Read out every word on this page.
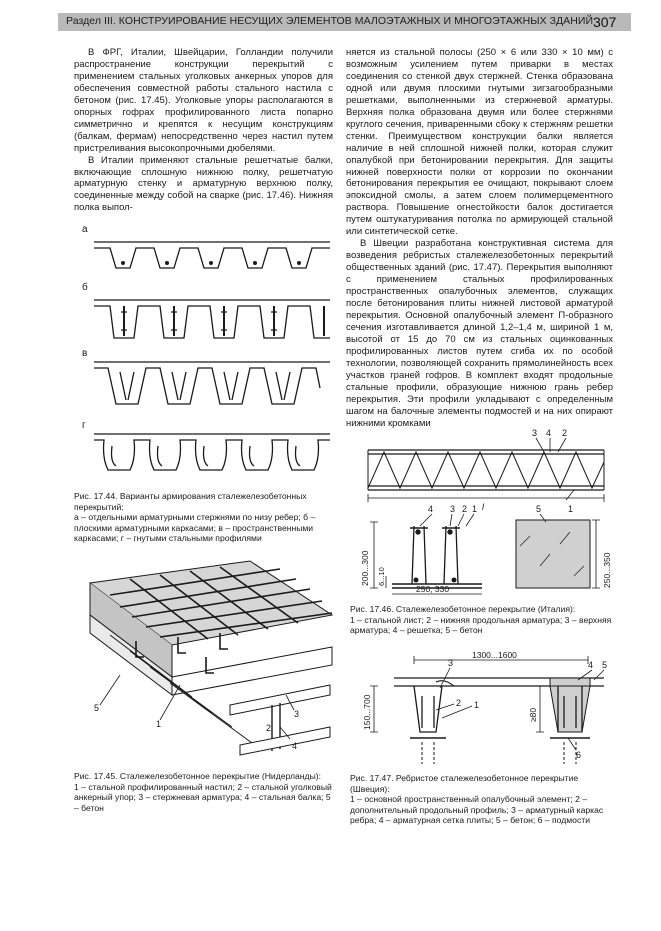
Раздел III. КОНСТРУИРОВАНИЕ НЕСУЩИХ ЭЛЕМЕНТОВ МАЛОЭТАЖНЫХ И МНОГОЭТАЖНЫХ ЗДАНИЙ 307

В ФРГ, Италии, Швейцарии, Голландии получили распространение конструкции перекрытий с применением стальных уголковых анкерных упоров для обеспечения совместной работы стального настила с бетоном (рис. 17.45). Уголковые упоры располагаются в опорных гофрах профилированного листа попарно симметрично и крепятся к несущим конструкциям (балкам, фермам) непосредственно через настил путем пристреливания высокопрочными дюбелями.

В Италии применяют стальные решетчатые балки, включающие сплошную нижнюю полку, решетчатую арматурную стенку и арматурную верхнюю полку, соединенные между собой на сварке (рис. 17.46). Нижняя полка выпол-

няется из стальной полосы (250 × 6 или 330 × 10 мм) с возможным усилением путем приварки в местах соединения со стенкой двух стержней. Стенка образована одной или двумя плоскими гнутыми зигзагообразными решетками, выполненными из стержневой арматуры. Верхняя полка образована двумя или более стержнями круглого сечения, приваренными сбоку к стержням решетки стенки. Преимуществом конструкции балки является наличие в ней сплошной нижней полки, которая служит опалубкой при бетонировании перекрытия. Для защиты нижней поверхности полки от коррозии по окончании бетонирования перекрытия ее очищают, покрывают слоем эпоксидной смолы, а затем слоем полимерцементного раствора. Повышение огнестойкости балок достигается путем оштукатуривания потолка по армирующей стальной или синтетической сетке.

В Швеции разработана конструктивная система для возведения ребристых сталежелезобетонных перекрытий общественных зданий (рис. 17.47). Перекрытия выполняют с применением стальных профилированных пространственных опалубочных элементов, служащих после бетонирования плиты нижней листовой арматурой перекрытия. Основной опалубочный элемент П-образного сечения изготавливается длиной 1,2–1,4 м, шириной 1 м, высотой от 15 до 70 см из стальных оцинкованных профилированных листов путем сгиба их по особой технологии, позволяющей сохранить прямолинейность всех участков граней гофров. В комплект входят продольные стальные профили, образующие нижнюю грань ребер перекрытия. Эти профили укладывают с определенным шагом на балочные элементы подмостей и на них опирают нижними кромками

а
б
в
г
Рис. 17.44. Варианты армирования сталежелезобетонных перекрытий:
а – отдельными арматурными стержнями по низу ребер; б – плоскими арматурными каркасами; в – пространственными каркасами; г – гнутыми стальными профилями
5
1
3
2
4
Рис. 17.45. Сталежелезобетонное перекрытие (Нидерланды):
1 – стальной профилированный настил; 2 – стальной уголковый анкерный упор; 3 – стержневая арматура; 4 – стальная балка; 5 – бетон
3 4 2
l	1
4 3 2 1	5
200...300 6...10
250; 330
250...350
Рис. 17.46. Сталежелезобетонное перекрытие (Италия):
1 – стальной лист; 2 – нижняя продольная арматура; 3 – верхняя арматура; 4 – решетка; 5 – бетон
1300...1600
150...700	≥80
1
2
3	4 5
6
Рис. 17.47. Ребристое сталежелезобетонное перекрытие (Швеция):
1 – основной пространственный опалубочный элемент; 2 – дополнительный продольный профиль; 3 – арматурный каркас ребра; 4 – арматурная сетка плиты; 5 – бетон; 6 – подмости
